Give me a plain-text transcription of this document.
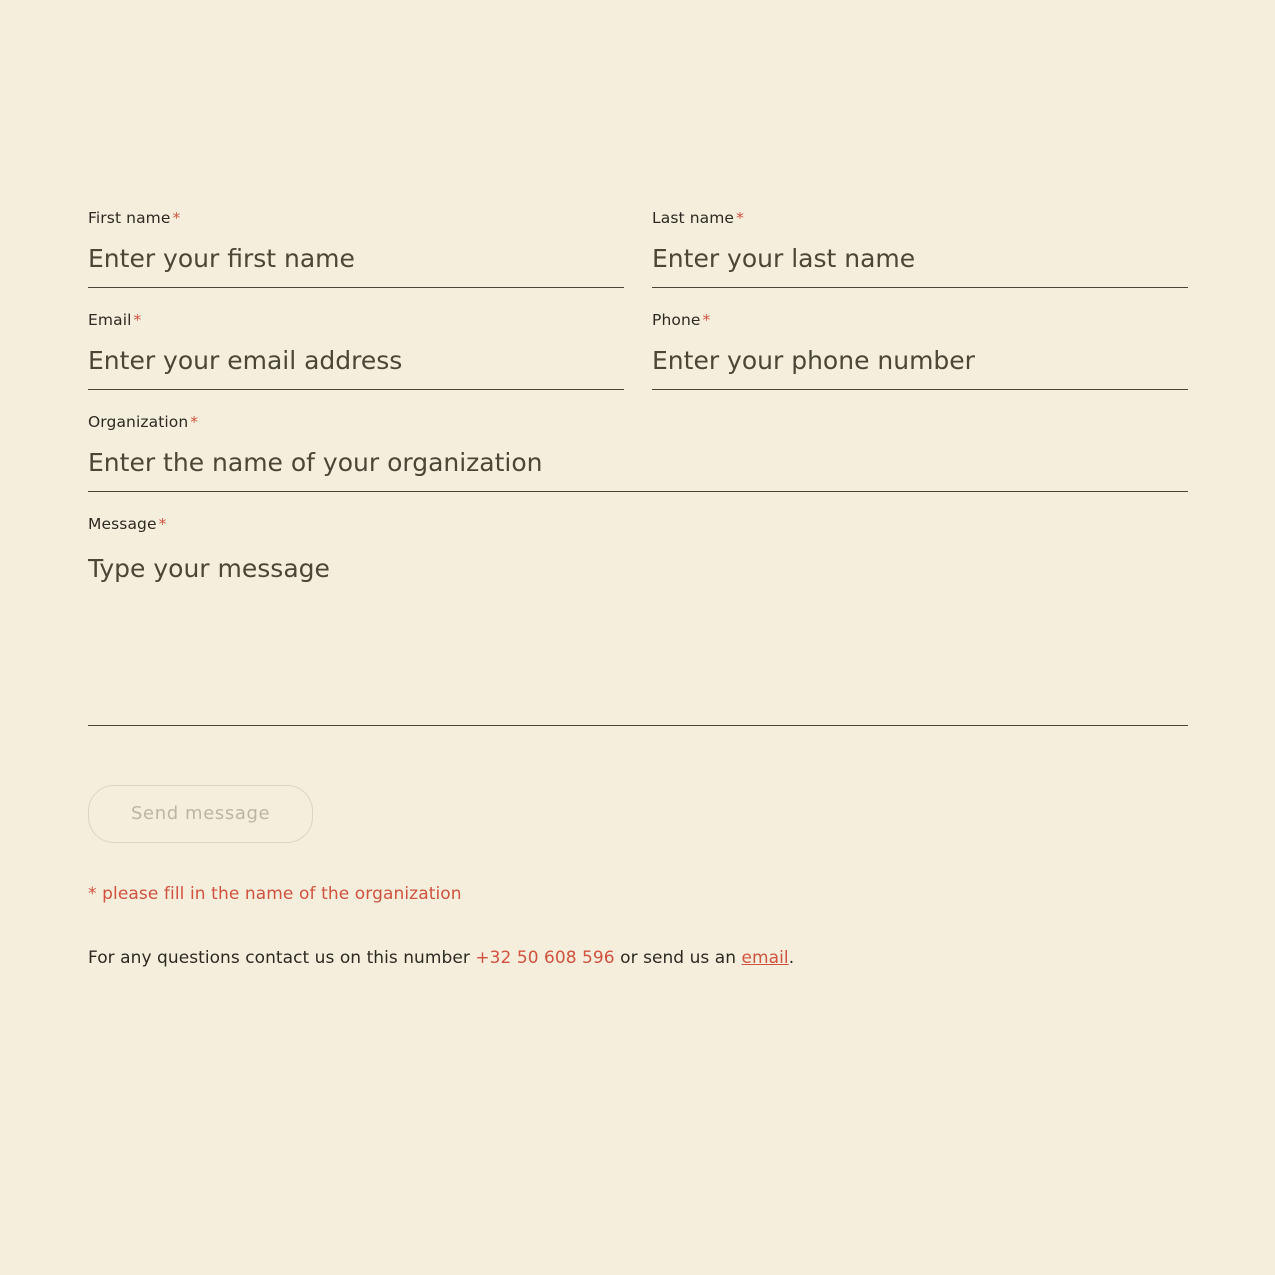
First name *
Enter your first name	Last name *
Enter your last name
Email *
Enter your email address	Phone *
Enter your phone number
Organization *
Enter the name of your organization
Message *
Type your message
Send message
* please fill in the name of the organization
For any questions contact us on this number +32 50 608 596 or send us an email.
